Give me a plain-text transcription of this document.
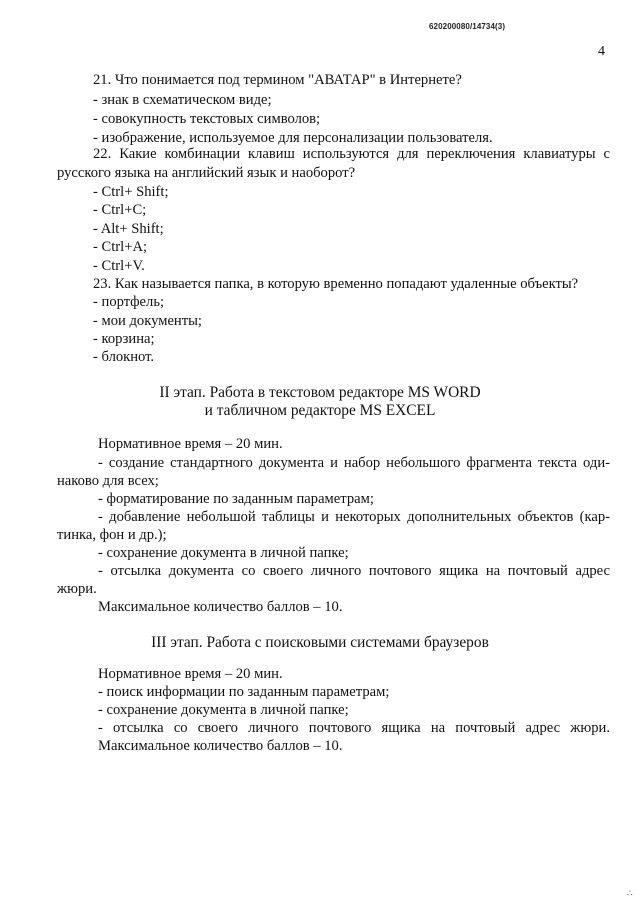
620200080/14734(3)
4

21. Что понимается под термином "АВАТАР" в Интернете?

- знак в схематическом виде;

- совокупность текстовых символов;

- изображение, используемое для персонализации пользователя.

22. Какие комбинации клавиш используются для переключения клавиатуры с

русского языка на английский язык и наоборот?

- Ctrl+ Shift;

- Ctrl+C;

- Alt+ Shift;

- Ctrl+A;

- Ctrl+V.

23. Как называется папка, в которую временно попадают удаленные объекты?

- портфель;

- мои документы;

- корзина;

- блокнот.

II этап. Работа в текстовом редакторе MS WORD

и табличном редакторе MS EXCEL

Нормативное время – 20 мин.

- создание стандартного документа и набор небольшого фрагмента текста оди-

наково для всех;

- форматирование по заданным параметрам;

- добавление небольшой таблицы и некоторых дополнительных объектов (кар-

тинка, фон и др.);

- сохранение документа в личной папке;

- отсылка документа со своего личного почтового ящика на почтовый адрес

жюри.

Максимальное количество баллов – 10.

III этап. Работа с поисковыми системами браузеров

Нормативное время – 20 мин.

- поиск информации по заданным параметрам;

- сохранение документа в личной папке;

- отсылка со своего личного почтового ящика на почтовый адрес жюри.

Максимальное количество баллов – 10.

∴
